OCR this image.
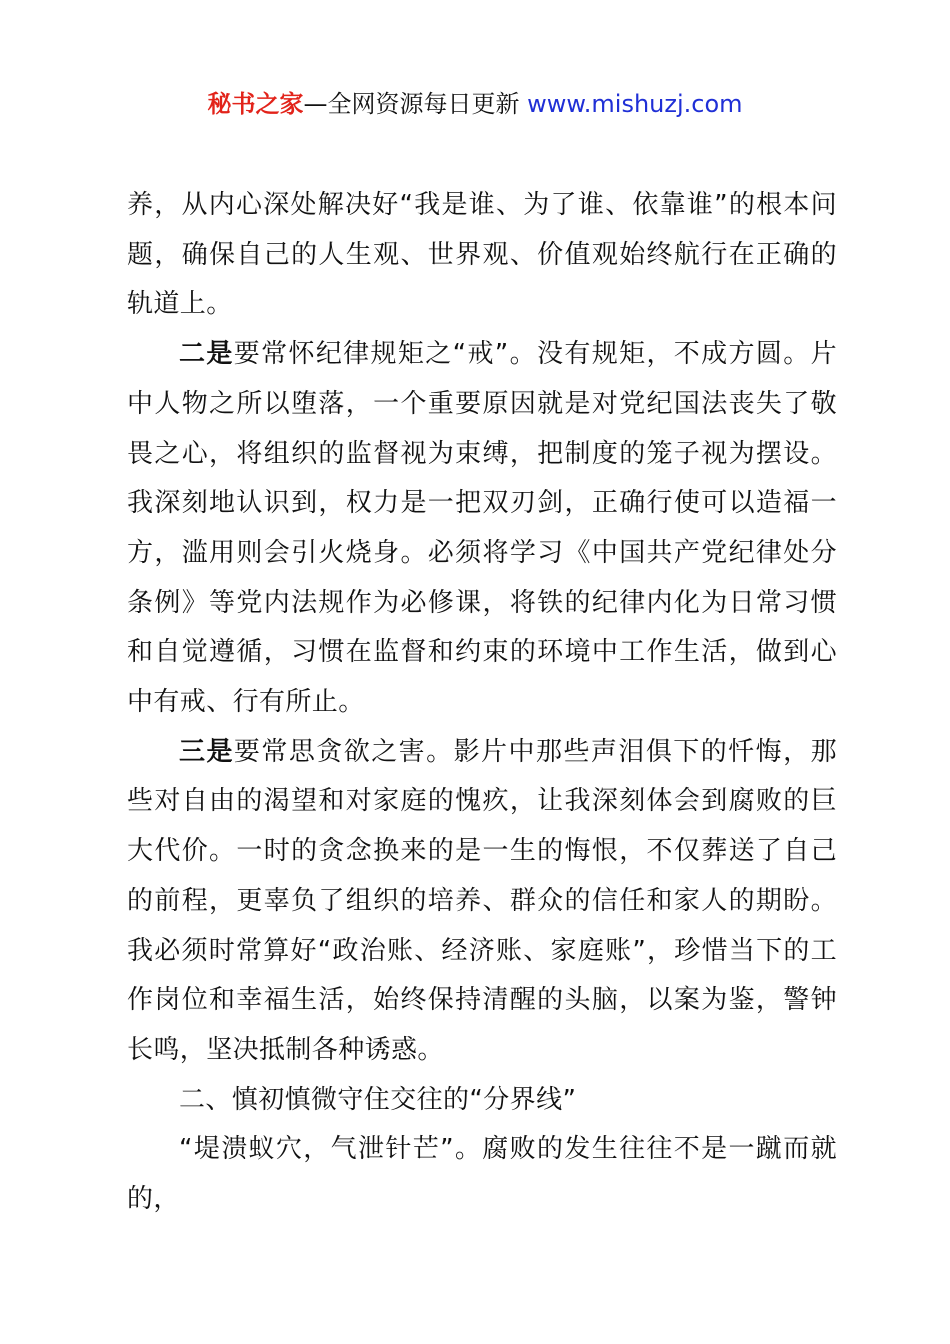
秘书之家—全网资源每日更新 www.mishuzj.com

养，从内心深处解决好“我是谁、为了谁、依靠谁”的根本问题，确保自己的人生观、世界观、价值观始终航行在正确的轨道上。

二是要常怀纪律规矩之“戒”。没有规矩，不成方圆。片中人物之所以堕落，一个重要原因就是对党纪国法丧失了敬畏之心，将组织的监督视为束缚，把制度的笼子视为摆设。我深刻地认识到，权力是一把双刃剑，正确行使可以造福一方，滥用则会引火烧身。必须将学习《中国共产党纪律处分条例》等党内法规作为必修课，将铁的纪律内化为日常习惯和自觉遵循，习惯在监督和约束的环境中工作生活，做到心中有戒、行有所止。

三是要常思贪欲之害。影片中那些声泪俱下的忏悔，那些对自由的渴望和对家庭的愧疚，让我深刻体会到腐败的巨大代价。一时的贪念换来的是一生的悔恨，不仅葬送了自己的前程，更辜负了组织的培养、群众的信任和家人的期盼。我必须时常算好“政治账、经济账、家庭账”，珍惜当下的工作岗位和幸福生活，始终保持清醒的头脑，以案为鉴，警钟长鸣，坚决抵制各种诱惑。

二、慎初慎微守住交往的“分界线”

“堤溃蚁穴，气泄针芒”。腐败的发生往往不是一蹴而就的，
